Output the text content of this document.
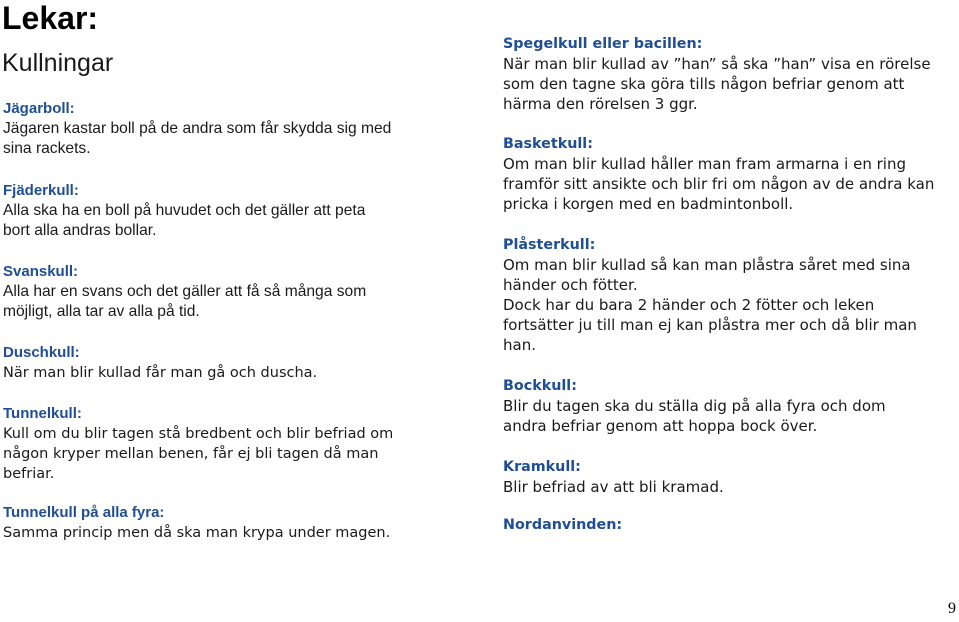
Lekar:
Kullningar
Jägarboll:
Jägaren kastar boll på de andra som får skydda sig med
sina rackets.
Fjäderkull:
Alla ska ha en boll på huvudet och det gäller att peta
bort alla andras bollar.
Svanskull:
Alla har en svans och det gäller att få så många som
möjligt, alla tar av alla på tid.
Duschkull:
När man blir kullad får man gå och duscha.
Tunnelkull:
Kull om du blir tagen stå bredbent och blir befriad om
någon kryper mellan benen, får ej bli tagen då man
befriar.
Tunnelkull på alla fyra:
Samma princip men då ska man krypa under magen.
Spegelkull eller bacillen:
När man blir kullad av ”han” så ska ”han” visa en rörelse
som den tagne ska göra tills någon befriar genom att
härma den rörelsen 3 ggr.
Basketkull:
Om man blir kullad håller man fram armarna i en ring
framför sitt ansikte och blir fri om någon av de andra kan
pricka i korgen med en badmintonboll.
Plåsterkull:
Om man blir kullad så kan man plåstra såret med sina
händer och fötter.
Dock har du bara 2 händer och 2 fötter och leken
fortsätter ju till man ej kan plåstra mer och då blir man
han.
Bockkull:
Blir du tagen ska du ställa dig på alla fyra och dom
andra befriar genom att hoppa bock över.
Kramkull:
Blir befriad av att bli kramad.
Nordanvinden:
9
